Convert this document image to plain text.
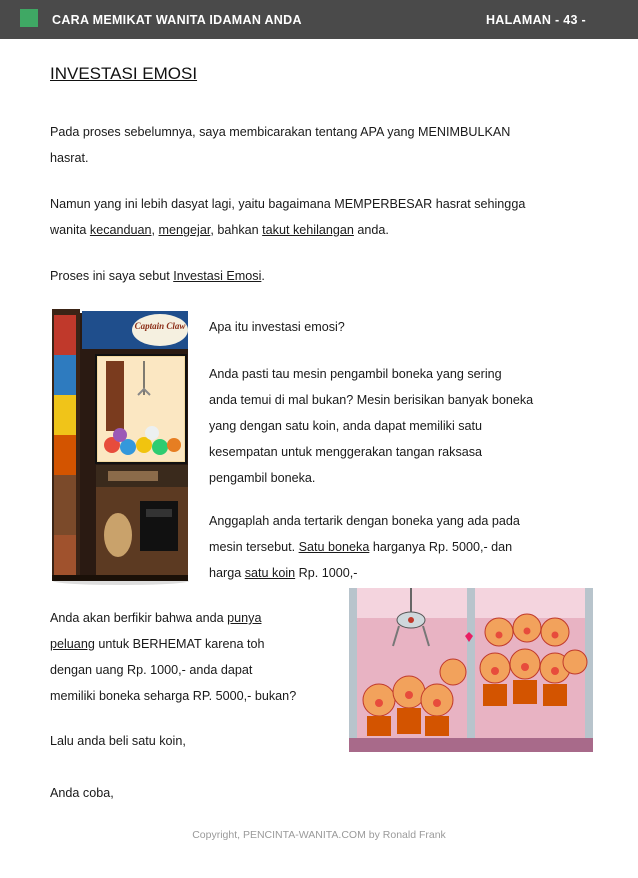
CARA MEMIKAT WANITA IDAMAN ANDA	HALAMAN - 43 -
INVESTASI EMOSI
Pada proses sebelumnya, saya membicarakan tentang APA yang MENIMBULKAN
hasrat.
Namun yang ini lebih dasyat lagi, yaitu bagaimana MEMPERBESAR hasrat sehingga
wanita kecanduan, mengejar, bahkan takut kehilangan anda.
Proses ini saya sebut Investasi Emosi.
Captain Claw Apa itu investasi emosi?
Anda pasti tau mesin pengambil boneka yang sering
anda temui di mal bukan? Mesin berisikan banyak boneka
yang dengan satu koin, anda dapat memiliki satu
kesempatan untuk menggerakan tangan raksasa
pengambil boneka.
Anggaplah anda tertarik dengan boneka yang ada pada
mesin tersebut. Satu boneka harganya Rp. 5000,- dan
harga satu koin Rp. 1000,-
Anda akan berfikir bahwa anda punya
peluang untuk BERHEMAT karena toh
dengan uang Rp. 1000,- anda dapat
memiliki boneka seharga RP. 5000,- bukan?
Lalu anda beli satu koin,
Anda coba,
Copyright, PENCINTA-WANITA.COM by Ronald Frank
